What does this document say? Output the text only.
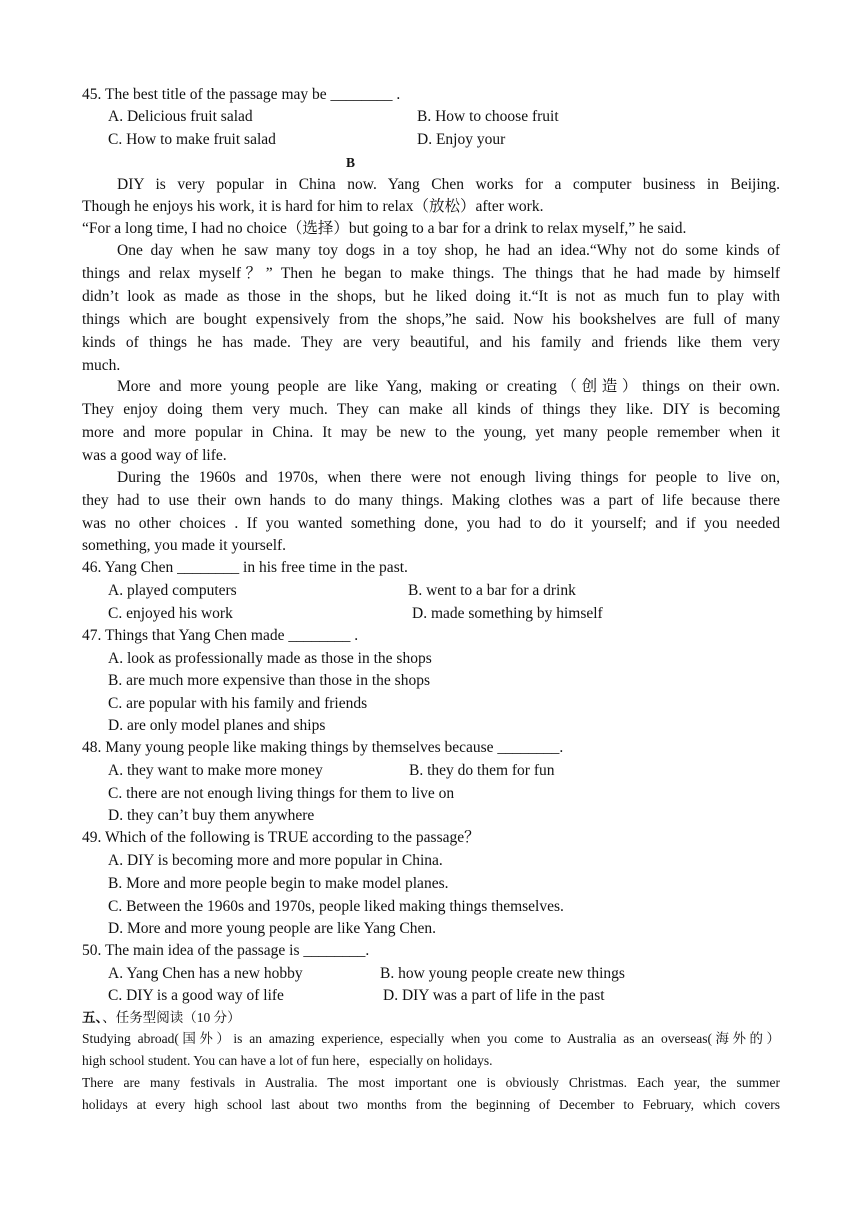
45. The best title of the passage may be ________ .
A. Delicious fruit salad	B. How to choose fruit
C. How to make fruit salad	D. Enjoy your
B
DIY is very popular in China now. Yang Chen works for a computer business in Beijing.
Though he enjoys his work, it is hard for him to relax（放松）after work.
“For a long time, I had no choice（选择）but going to a bar for a drink to relax myself,” he said.
One day when he saw many toy dogs in a toy shop, he had an idea.“Why not do some kinds of
things and relax myself？” Then he began to make things. The things that he had made by himself
didn’t look as made as those in the shops, but he liked doing it.“It is not as much fun to play with
things which are bought expensively from the shops,”he said. Now his bookshelves are full of many
kinds of things he has made. They are very beautiful, and his family and friends like them very
much.
More and more young people are like Yang, making or creating（创造）things on their own.
They enjoy doing them very much. They can make all kinds of things they like. DIY is becoming
more and more popular in China. It may be new to the young, yet many people remember when it
was a good way of life.
During the 1960s and 1970s, when there were not enough living things for people to live on,
they had to use their own hands to do many things. Making clothes was a part of life because there
was no other choices . If you wanted something done, you had to do it yourself; and if you needed
something, you made it yourself.
46. Yang Chen ________ in his free time in the past.
A. played computers	B. went to a bar for a drink
C. enjoyed his work	D. made something by himself
47. Things that Yang Chen made ________ .
A. look as professionally made as those in the shops
B. are much more expensive than those in the shops
C. are popular with his family and friends
D. are only model planes and ships
48. Many young people like making things by themselves because ________.
A. they want to make more money	B. they do them for fun
C. there are not enough living things for them to live on
D. they can’t buy them anywhere
49. Which of the following is TRUE according to the passage？
A. DIY is becoming more and more popular in China.
B. More and more people begin to make model planes.
C. Between the 1960s and 1970s, people liked making things themselves.
D. More and more young people are like Yang Chen.
50. The main idea of the passage is ________.
A. Yang Chen has a new hobby	B. how young people create new things
C. DIY is a good way of life	D. DIY was a part of life in the past
五、、任务型阅读（10 分）
Studying abroad(国外）is an amazing experience, especially when you come to Australia as an overseas(海外的）
high school student. You can have a lot of fun here，especially on holidays.
There are many festivals in Australia. The most important one is obviously Christmas. Each year, the summer
holidays at every high school last about two months from the beginning of December to February, which covers
